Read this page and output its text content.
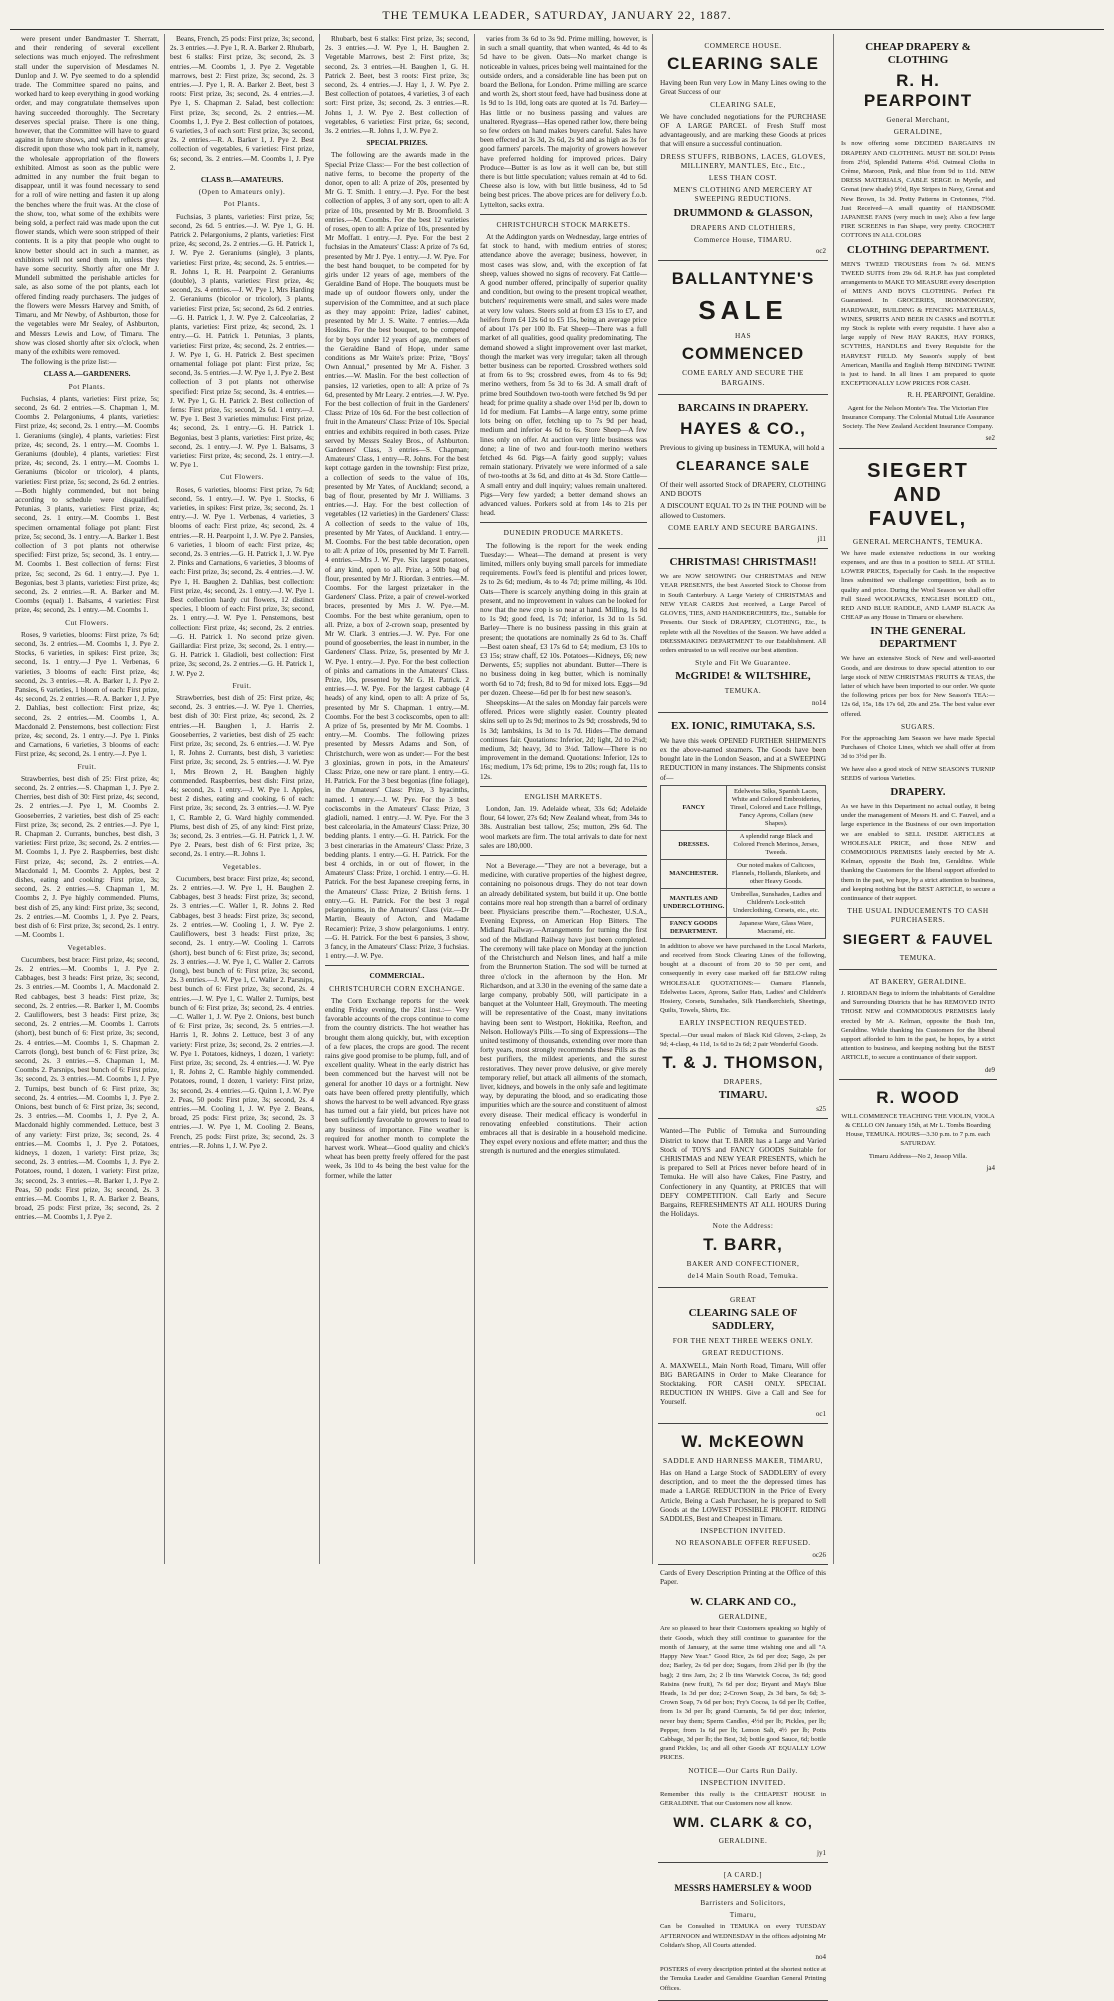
THE TEMUKA LEADER, SATURDAY, JANUARY 22, 1887.

were present under Bandmaster T. Sherratt, and their rendering of several excellent selections was much enjoyed. The refreshment stall under the supervision of Mesdames N. Dunlop and J. W. Pye seemed to do a splendid trade. The Committee spared no pains, and worked hard to keep everything in good working order, and may congratulate themselves upon having succeeded thoroughly. The Secretary deserves special praise. There is one thing, however, that the Committee will have to guard against in future shows, and which reflects great discredit upon those who took part in it, namely, the wholesale appropriation of the flowers exhibited. Almost as soon as the public were admitted in any number the fruit began to disappear, until it was found necessary to send for a roll of wire netting and fasten it up along the benches where the fruit was. At the close of the show, too, what some of the exhibits were being sold, a perfect raid was made upon the cut flower stands, which were soon stripped of their contents. It is a pity that people who ought to know better should act in such a manner, as exhibitors will not send them in, unless they have some security. Shortly after one Mr J. Mundell submitted the perishable articles for sale, as also some of the pot plants, each lot offered finding ready purchasers. The judges of the flowers were Messrs Harvey and Smith, of Timaru, and Mr Newby, of Ashburton, those for the vegetables were Mr Sealey, of Ashburton, and Messrs Lewis and Low, of Timaru. The show was closed shortly after six o'clock, when many of the exhibits were removed.

The following is the prize list:—

CLASS A.—GARDENERS.
Pot Plants.

Fuchsias, 4 plants, varieties: First prize, 5s; second, 2s 6d. 2 entries.—S. Chapman 1, M. Coombs 2. Pelargoniums, 4 plants, varieties: First prize, 4s; second, 2s. 1 entry.—M. Coombs 1. Geraniums (single), 4 plants, varieties: First prize, 4s; second, 2s. 1 entry.—M. Coombs 1. Geraniums (double), 4 plants, varieties: First prize, 4s; second, 2s. 1 entry.—M. Coombs 1. Geraniums (bicolor or tricolor), 4 plants, varieties: First prize, 5s; second, 2s 6d. 2 entries.—Both highly commended, but not being according to schedule were disqualified. Petunias, 3 plants, varieties: First prize, 4s; second, 2s. 1 entry.—M. Coombs 1. Best specimen ornamental foliage pot plant: First prize, 5s; second, 3s. 1 entry.—A. Barker 1. Best collection of 3 pot plants not otherwise specified: First prize, 5s; second, 3s. 1 entry.—M. Coombs 1. Best collection of ferns: First prize, 5s; second, 2s 6d. 1 entry.—J. Pye 1. Begonias, best 3 plants, varieties: First prize, 4s; second, 2s. 2 entries.—R. A. Barker and M. Coombs (equal) 1. Balsams, 4 varieties: First prize, 4s; second, 2s. 1 entry.—M. Coombs 1.

Cut Flowers.

Roses, 9 varieties, blooms: First prize, 7s 6d; second, 3s. 2 entries.—M. Coombs 1, J. Pye 2. Stocks, 6 varieties, in spikes: First prize, 3s; second, 1s. 1 entry.—J Pye 1. Verbenas, 6 varieties, 3 blooms of each: First prize, 4s; second, 2s. 3 entries.—R. A. Barker 1, J. Pye 2. Pansies, 6 varieties, 1 bloom of each: First prize, 4s; second, 2s. 2 entries.—R. A. Barker 1, J. Pye 2. Dahlias, best collection: First prize, 4s; second, 2s. 2 entries.—M. Coombs 1, A. Macdonald 2. Penstemons, best collection: First prize, 4s; second, 2s. 1 entry.—J. Pye 1. Pinks and Carnations, 6 varieties, 3 blooms of each: First prize, 4s; second, 2s. 1 entry.—J. Pye 1.

Fruit.

Strawberries, best dish of 25: First prize, 4s; second, 2s. 2 entries.—S. Chapman 1, J. Pye 2. Cherries, best dish of 30: First prize, 4s; second, 2s. 2 entries.—J. Pye 1, M. Coombs 2. Gooseberries, 2 varieties, best dish of 25 each: First prize, 3s; second, 2s. 2 entries.—J. Pye 1, R. Chapman 2. Currants, bunches, best dish, 3 varieties: First prize, 3s; second, 2s. 2 entries.—M. Coombs 1, J. Pye 2. Raspberries, best dish: First prize, 4s; second, 2s. 2 entries.—A. Macdonald 1, M. Coombs 2. Apples, best 2 dishes, eating and cooking: First prize, 3s; second, 2s. 2 entries.—S. Chapman 1, M. Coombs 2, J. Pye highly commended. Plums, best dish of 25, any kind: First prize, 3s; second, 2s. 2 entries.—M. Coombs 1, J. Pye 2. Pears, best dish of 6: First prize, 3s; second, 2s. 1 entry.—M. Coombs 1.

Vegetables.

Cucumbers, best brace: First prize, 4s; second, 2s. 2 entries.—M. Coombs 1, J. Pye 2. Cabbages, best 3 heads: First prize, 3s; second, 2s. 3 entries.—M. Coombs 1, A. Macdonald 2. Red cabbages, best 3 heads: First prize, 3s; second, 2s. 2 entries.—R. Barker 1, M. Coombs 2. Cauliflowers, best 3 heads: First prize, 3s; second, 2s. 2 entries.—M. Coombs 1. Carrots (short), best bunch of 6: First prize, 3s; second, 2s. 4 entries.—M. Coombs 1, S. Chapman 2. Carrots (long), best bunch of 6: First prize, 3s; second, 2s. 3 entries.—S. Chapman 1, M. Coombs 2. Parsnips, best bunch of 6: First prize, 3s; second, 2s. 3 entries.—M. Coombs 1, J. Pye 2. Turnips, best bunch of 6: First prize, 3s; second, 2s. 4 entries.—M. Coombs 1, J. Pye 2. Onions, best bunch of 6: First prize, 3s; second, 2s. 3 entries.—M. Coombs 1, J. Pye 2, A. Macdonald highly commended. Lettuce, best 3 of any variety: First prize, 3s; second, 2s. 4 entries.—M. Coombs 1, J. Pye 2. Potatoes, kidneys, 1 dozen, 1 variety: First prize, 3s; second, 2s. 3 entries.—M. Coombs 1, J. Pye 2. Potatoes, round, 1 dozen, 1 variety: First prize, 3s; second, 2s. 3 entries.—R. Barker 1, J. Pye 2. Peas, 50 pods: First prize, 3s; second, 2s. 3 entries.—M. Coombs 1, R. A. Barker 2. Beans, broad, 25 pods: First prize, 3s; second, 2s. 2 entries.—M. Coombs 1, J. Pye 2.

Beans, French, 25 pods: First prize, 3s; second, 2s. 3 entries.—J. Pye 1, R. A. Barker 2. Rhubarb, best 6 stalks: First prize, 3s; second, 2s. 3 entries.—M. Coombs 1, J. Pye 2. Vegetable marrows, best 2: First prize, 3s; second, 2s. 3 entries.—J. Pye 1, R. A. Barker 2. Beet, best 3 roots: First prize, 3s; second, 2s. 4 entries.—J. Pye 1, S. Chapman 2. Salad, best collection: First prize, 3s; second, 2s. 2 entries.—M. Coombs 1, J. Pye 2. Best collection of potatoes, 6 varieties, 3 of each sort: First prize, 3s; second, 2s. 2 entries.—R. A. Barker 1, J. Pye 2. Best collection of vegetables, 6 varieties: First prize, 6s; second, 3s. 2 entries.—M. Coombs 1, J. Pye 2.

CLASS B.—AMATEURS.
(Open to Amateurs only).
Pot Plants.

Fuchsias, 3 plants, varieties: First prize, 5s; second, 2s 6d. 5 entries.—J. W. Pye 1, G. H. Patrick 2. Pelargoniums, 2 plants, varieties: First prize, 4s; second, 2s. 2 entries.—G. H. Patrick 1, J. W. Pye 2. Geraniums (single), 3 plants, varieties: First prize, 4s; second, 2s. 5 entries.—R. Johns 1, R. H. Pearpoint 2. Geraniums (double), 3 plants, varieties: First prize, 4s; second, 2s. 4 entries.—J. W. Pye 1, Mrs Harding 2. Geraniums (bicolor or tricolor), 3 plants, varieties: First prize, 5s; second, 2s 6d. 2 entries.—G. H. Patrick 1, J. W. Pye 2. Calceolarias, 2 plants, varieties: First prize, 4s; second, 2s. 1 entry.—G. H. Patrick 1. Petunias, 3 plants, varieties: First prize, 4s; second, 2s. 2 entries.—J. W. Pye 1, G. H. Patrick 2. Best specimen ornamental foliage pot plant: First prize, 5s; second, 3s. 5 entries.—J. W. Pye 1, J. Pye 2. Best collection of 3 pot plants not otherwise specified: First prize 5s; second, 3s. 4 entries.—J. W. Pye 1, G. H. Patrick 2. Best collection of ferns: First prize, 5s; second, 2s 6d. 1 entry.—J. W. Pye 1. Best 3 varieties mimulus: First prize, 4s; second, 2s. 1 entry.—G. H. Patrick 1. Begonias, best 3 plants, varieties: First prize, 4s; second, 2s. 1 entry.—J. W. Pye 1. Balsams, 3 varieties: First prize, 4s; second, 2s. 1 entry.—J. W. Pye 1.

Cut Flowers.

Roses, 6 varieties, blooms: First prize, 7s 6d; second, 5s. 1 entry.—J. W. Pye 1. Stocks, 6 varieties, in spikes: First prize, 3s; second, 2s. 1 entry.—J. W. Pye 1. Verbenas, 4 varieties, 3 blooms of each: First prize, 4s; second, 2s. 4 entries.—R. H. Pearpoint 1, J. W. Pye 2. Pansies, 6 varieties, 1 bloom of each: First prize, 4s; second, 2s. 3 entries.—G. H. Patrick 1, J. W. Pye 2. Pinks and Carnations, 6 varieties, 3 blooms of each: First prize, 3s; second, 2s. 4 entries.—J. W. Pye 1, H. Baughen 2. Dahlias, best collection: First prize, 4s; second, 2s. 1 entry.—J. W. Pye 1. Best collection hardy cut flowers, 12 distinct species, 1 bloom of each: First prize, 3s; second, 2s. 1 entry.—J. W. Pye 1. Penstemons, best collection: First prize, 4s; second, 2s. 2 entries.—G. H. Patrick 1. No second prize given. Gaillardia: First prize, 3s; second, 2s. 1 entry.—G. H. Patrick 1. Gladioli, best collection: First prize, 3s; second, 2s. 2 entries.—G. H. Patrick 1, J. W. Pye 2.

Fruit.

Strawberries, best dish of 25: First prize, 4s; second, 2s. 3 entries.—J. W. Pye 1. Cherries, best dish of 30: First prize, 4s; second, 2s. 2 entries.—H. Baughen 1, J. Harris 2. Gooseberries, 2 varieties, best dish of 25 each: First prize, 3s; second, 2s. 6 entries.—J. W. Pye 1, R. Johns 2. Currants, best dish, 3 varieties: First prize, 3s; second, 2s. 5 entries.—J. W. Pye 1, Mrs Brown 2, H. Baughen highly commended. Raspberries, best dish: First prize, 4s; second, 2s. 1 entry.—J. W. Pye 1. Apples, best 2 dishes, eating and cooking, 6 of each: First prize, 3s; second, 2s. 3 entries.—J. W. Pye 1, C. Ramble 2, G. Ward highly commended. Plums, best dish of 25, of any kind: First prize, 3s; second, 2s. 3 entries.—G. H. Patrick 1, J. W. Pye 2. Pears, best dish of 6: First prize, 3s; second, 2s. 1 entry.—R. Johns 1.

Vegetables.

Cucumbers, best brace: First prize, 4s; second, 2s. 2 entries.—J. W. Pye 1, H. Baughen 2. Cabbages, best 3 heads: First prize, 3s; second, 2s. 3 entries.—C. Waller 1, R. Johns 2. Red Cabbages, best 3 heads: First prize, 3s; second, 2s. 2 entries.—W. Cooling 1, J. W. Pye 2. Cauliflowers, best 3 heads: First prize, 3s; second, 2s. 1 entry.—W. Cooling 1. Carrots (short), best bunch of 6: First prize, 3s; second, 2s. 3 entries.—J. W. Pye 1, C. Waller 2. Carrots (long), best bunch of 6: First prize, 3s; second, 2s. 3 entries.—J. W. Pye 1, C. Waller 2. Parsnips, best bunch of 6: First prize, 3s; second, 2s. 4 entries.—J. W. Pye 1, C. Waller 2. Turnips, best bunch of 6: First prize, 3s; second, 2s. 4 entries.—C. Waller 1, J. W. Pye 2. Onions, best bunch of 6: First prize, 3s; second, 2s. 5 entries.—J. Harris 1, R. Johns 2. Lettuce, best 3 of any variety: First prize, 3s; second, 2s. 2 entries.—J. W. Pye 1. Potatoes, kidneys, 1 dozen, 1 variety: First prize, 3s; second, 2s. 4 entries.—J. W. Pye 1, R. Johns 2, C. Ramble highly commended. Potatoes, round, 1 dozen, 1 variety: First prize, 3s; second, 2s. 4 entries.—G. Quinn 1, J. W. Pye 2. Peas, 50 pods: First prize, 3s; second, 2s. 4 entries.—M. Cooling 1, J. W. Pye 2. Beans, broad, 25 pods: First prize, 3s; second, 2s. 3 entries.—J. W. Pye 1, M. Cooling 2. Beans, French, 25 pods: First prize, 3s; second, 2s. 3 entries.—R. Johns 1, J. W. Pye 2.

Rhubarb, best 6 stalks: First prize, 3s; second, 2s. 3 entries.—J. W. Pye 1, H. Baughen 2. Vegetable Marrows, best 2: First prize, 3s; second, 2s. 3 entries.—H. Baughen 1, G. H. Patrick 2. Beet, best 3 roots: First prize, 3s; second, 2s. 4 entries.—J. Hay 1, J. W. Pye 2. Best collection of potatoes, 4 varieties, 3 of each sort: First prize, 3s; second, 2s. 3 entries.—R. Johns 1, J. W. Pye 2. Best collection of vegetables, 6 varieties: First prize, 6s; second, 3s. 2 entries.—R. Johns 1, J. W. Pye 2.

SPECIAL PRIZES.

The following are the awards made in the Special Prize Class:— For the best collection of native ferns, to become the property of the donor, open to all: A prize of 20s, presented by Mr G. T. Smith. 1 entry.—J. Pye. For the best collection of apples, 3 of any sort, open to all: A prize of 10s, presented by Mr B. Broomfield. 3 entries.—M. Coombs. For the best 12 varieties of roses, open to all: A prize of 10s, presented by Mr Moffatt. 1 entry.—J. Pye. For the best 2 fuchsias in the Amateurs' Class: A prize of 7s 6d, presented by Mr J. Pye. 1 entry.—J. W. Pye. For the best hand bouquet, to be competed for by girls under 12 years of age, members of the Geraldine Band of Hope. The bouquets must be made up of outdoor flowers only, under the supervision of the Committee, and at such place as they may appoint: Prize, ladies' cabinet, presented by Mr J. S. Waite. 7 entries.—Ada Hoskins. For the best bouquet, to be competed for by boys under 12 years of age, members of the Geraldine Band of Hope, under same conditions as Mr Waite's prize: Prize, "Boys' Own Annual," presented by Mr A. Fisher. 3 entries.—W. Maslin. For the best collection of pansies, 12 varieties, open to all: A prize of 7s 6d, presented by Mr Leary. 2 entries.—J. W. Pye. For the best collection of fruit in the Gardeners' Class: Prize of 10s 6d. For the best collection of fruit in the Amateurs' Class: Prize of 10s. Special entries and exhibits required in both cases. Prize served by Messrs Sealey Bros., of Ashburton. Gardeners' Class, 3 entries—S. Chapman; Amateurs' Class, 1 entry—R. Johns. For the best kept cottage garden in the township: First prize, a collection of seeds to the value of 10s, presented by Mr Yates, of Auckland; second, a bag of flour, presented by Mr J. Williams. 3 entries.—J. Hay. For the best collection of vegetables (12 varieties) in the Gardeners' Class: A collection of seeds to the value of 10s, presented by Mr Yates, of Auckland. 1 entry.—M. Coombs. For the best table decoration, open to all: A prize of 10s, presented by Mr T. Farrell. 4 entries.—Mrs J. W. Pye. Six largest potatoes, of any kind, open to all. Prize, a 50lb bag of flour, presented by Mr J. Riordan. 3 entries.—M. Coombs. For the largest prizetaker in the Gardeners' Class. Prize, a pair of crewel-worked braces, presented by Mrs J. W. Pye.—M. Coombs. For the best white geranium, open to all. Prize, a box of 2-crown soap, presented by Mr W. Clark. 3 entries.—J. W. Pye. For one pound of gooseberries, the least in number, in the Gardeners' Class. Prize, 5s, presented by Mr J. W. Pye. 1 entry.—J. Pye. For the best collection of pinks and carnations in the Amateurs' Class. Prize, 10s, presented by Mr G. H. Patrick. 2 entries.—J. W. Pye. For the largest cabbage (4 heads) of any kind, open to all: A prize of 5s, presented by Mr S. Chapman. 1 entry.—M. Coombs. For the best 3 cockscombs, open to all: A prize of 5s, presented by Mr M. Coombs. 1 entry.—M. Coombs. The following prizes presented by Messrs Adams and Son, of Christchurch, were won as under:— For the best 3 gloxinias, grown in pots, in the Amateurs' Class: Prize, one new or rare plant. 1 entry.—G. H. Patrick. For the 3 best begonias (fine foliage), in the Amateurs' Class: Prize, 3 hyacinths, named. 1 entry.—J. W. Pye. For the 3 best cockscombs in the Amateurs' Class: Prize, 3 gladioli, named. 1 entry.—J. W. Pye. For the 3 best calceolaria, in the Amateurs' Class: Prize, 30 bedding plants. 1 entry.—G. H. Patrick. For the 3 best cinerarias in the Amateurs' Class: Prize, 3 bedding plants. 1 entry.—G. H. Patrick. For the best 4 orchids, in or out of flower, in the Amateurs' Class: Prize, 1 orchid. 1 entry.—G. H. Patrick. For the best Japanese creeping ferns, in the Amateurs' Class: Prize, 2 British ferns. 1 entry.—G. H. Patrick. For the best 3 regal pelargoniums, in the Amateurs' Class (viz.—Dr Martin, Beauty of Acton, and Madame Recamier): Prize, 3 show pelargoniums. 1 entry.—G. H. Patrick. For the best 6 pansies, 3 show, 3 fancy, in the Amateurs' Class: Prize, 3 fuchsias. 1 entry.—J. W. Pye.

COMMERCIAL.
CHRISTCHURCH CORN EXCHANGE.

The Corn Exchange reports for the week ending Friday evening, the 21st inst.:— Very favorable accounts of the crops continue to come from the country districts. The hot weather has brought them along quickly, but, with exception of a few places, the crops are good. The recent rains give good promise to be plump, full, and of excellent quality. Wheat in the early district has been commenced but the harvest will not be general for another 10 days or a fortnight. New oats have been offered pretty plentifully, which shows the harvest to be well advanced. Rye grass has turned out a fair yield, but prices have not been sufficiently favorable to growers to lead to any business of importance. Fine weather is required for another month to complete the harvest work. Wheat—Good quality and chick's wheat has been pretty freely offered for the past week, 3s 10d to 4s being the best value for the former, while the latter

varies from 3s 6d to 3s 9d. Prime milling, however, is in such a small quantity, that when wanted, 4s 4d to 4s 5d have to be given. Oats—No market change is noticeable in values, prices being well maintained for the outside orders, and a considerable line has been put on board the Bellona, for London. Prime milling are scarce and worth 2s, short stout feed, have had business done at 1s 9d to 1s 10d, long oats are quoted at 1s 7d. Barley—Has little or no business passing and values are unaltered. Ryegrass—Has opened rather low, there being so few orders on hand makes buyers careful. Sales have been effected at 3s 3d, 2s 6d, 2s 9d and as high as 3s for good farmers' parcels. The majority of growers however have preferred holding for improved prices. Dairy Produce—Butter is as low as it well can be, but still there is but little speculation; values remain at 4d to 6d. Cheese also is low, with but little business, 4d to 5d being best prices. The above prices are for delivery f.o.b. Lyttelton, sacks extra.

CHRISTCHURCH STOCK MARKETS.

At the Addington yards on Wednesday, large entries of fat stock to hand, with medium entries of stores; attendance above the average; business, however, in most cases was slow, and, with the exception of fat sheep, values showed no signs of recovery. Fat Cattle—A good number offered, principally of superior quality and condition, but owing to the present tropical weather, butchers' requirements were small, and sales were made at very low values. Steers sold at from £3 15s to £7, and heifers from £4 12s 6d to £5 15s, being an average price of about 17s per 100 lb. Fat Sheep—There was a full market of all qualities, good quality predominating. The demand showed a slight improvement over last market, though the market was very irregular; taken all through better business can be reported. Crossbred wethers sold at from 6s to 9s; crossbred ewes, from 4s to 6s 9d; merino wethers, from 5s 3d to 6s 3d. A small draft of prime bred Southdown two-tooth were fetched 9s 9d per head; for prime quality a shade over 1½d per lb, down to 1d for medium. Fat Lambs—A large entry, some prime lots being on offer, fetching up to 7s 9d per head, medium and inferior 4s 6d to 6s. Store Sheep—A few lines only on offer. At auction very little business was done; a line of two and four-tooth merino wethers fetched 4s 6d. Pigs—A fairly good supply; values remain stationary. Privately we were informed of a sale of two-tooths at 3s 6d, and ditto at 4s 3d. Store Cattle—A small entry and dull inquiry; values remain unaltered. Pigs—Very few yarded; a better demand shows an advanced values. Porkers sold at from 14s to 21s per head.

DUNEDIN PRODUCE MARKETS.

The following is the report for the week ending Tuesday:— Wheat—The demand at present is very limited, millers only buying small parcels for immediate requirements. Fowl's feed is plentiful and prices lower, 2s to 2s 6d; medium, 4s to 4s 7d; prime milling, 4s 10d. Oats—There is scarcely anything doing in this grain at present, and no improvement in values can be looked for now that the new crop is so near at hand. Milling, 1s 8d to 1s 9d; good feed, 1s 7d; inferior, 1s 3d to 1s 5d. Barley—There is no business passing in this grain at present; the quotations are nominally 2s 6d to 3s. Chaff—Best oaten sheaf, £3 17s 6d to £4; medium, £3 10s to £3 15s; straw chaff, £2 10s. Potatoes—Kidneys, £6; new Derwents, £5; supplies not abundant. Butter—There is no business doing in keg butter, which is nominally worth 6d to 7d; fresh, 8d to 9d for mixed lots. Eggs—9d per dozen. Cheese—6d per lb for best new season's.

Sheepskins—At the sales on Monday fair parcels were offered. Prices were slightly easier. Country pleated skins sell up to 2s 9d; merinos to 2s 9d; crossbreds, 9d to 1s 3d; lambskins, 1s 3d to 1s 7d. Hides—The demand continues fair. Quotations: Inferior, 2d; light, 2d to 2¼d; medium, 3d; heavy, 3d to 3¼d. Tallow—There is no improvement in the demand. Quotations: Inferior, 12s to 16s; medium, 17s 6d; prime, 19s to 20s; rough fat, 11s to 12s.

ENGLISH MARKETS.

London, Jan. 19. Adelaide wheat, 33s 6d; Adelaide flour, 64 lower, 27s 6d; New Zealand wheat, from 34s to 38s. Australian best tallow, 25s; mutton, 29s 6d. The wool markets are firm. The total arrivals to date for next sales are 180,000.

Not a Beverage.—"They are not a beverage, but a medicine, with curative properties of the highest degree, containing no poisonous drugs. They do not tear down an already debilitated system, but build it up. One bottle contains more real hop strength than a barrel of ordinary beer. Physicians prescribe them."—Rochester, U.S.A., Evening Express, on American Hop Bitters. The Midland Railway.—Arrangements for turning the first sod of the Midland Railway have just been completed. The ceremony will take place on Monday at the junction of the Christchurch and Nelson lines, and half a mile from the Brunnerton Station. The sod will be turned at three o'clock in the afternoon by the Hon. Mr Richardson, and at 3.30 in the evening of the same date a large company, probably 500, will participate in a banquet at the Volunteer Hall, Greymouth. The meeting will be representative of the Coast, many invitations having been sent to Westport, Hokitika, Reefton, and Nelson. Holloway's Pills.—To sing of Expressions—The united testimony of thousands, extending over more than forty years, most strongly recommends these Pills as the best purifiers, the mildest aperients, and the surest restoratives. They never prove delusive, or give merely temporary relief, but attack all ailments of the stomach, liver, kidneys, and bowels in the only safe and legitimate way, by depurating the blood, and so eradicating those impurities which are the source and constituent of almost every disease. Their medical efficacy is wonderful in renovating enfeebled constitutions. Their action embraces all that is desirable in a household medicine. They expel every noxious and effete matter; and thus the strength is nurtured and the energies stimulated.

COMMERCE HOUSE.
CLEARING SALE
Having been Run very Low in Many Lines owing to the Great Success of our
CLEARING SALE,
We have concluded negotiations for the PURCHASE OF A LARGE PARCEL of Fresh Stuff most advantageously, and are marking these Goods at prices that will ensure a successful continuation.
DRESS STUFFS, RIBBONS, LACES, GLOVES, MILLINERY, MANTLES, Etc., Etc.,
LESS THAN COST.
MEN'S CLOTHING AND MERCERY AT SWEEPING REDUCTIONS.
DRUMMOND & GLASSON,
DRAPERS AND CLOTHIERS,
Commerce House, TIMARU.
oc2
BALLANTYNE'S
SALE
HAS
COMMENCED
COME EARLY AND SECURE THE BARGAINS.
BARCAINS IN DRAPERY.
HAYES & CO.,
Previous to giving up business in TEMUKA, will hold a
CLEARANCE SALE
Of their well assorted Stock of DRAPERY, CLOTHING AND BOOTS
A DISCOUNT EQUAL TO 2s IN THE POUND will be allowed to Customers.
COME EARLY AND SECURE BARGAINS.
j11
CHRISTMAS! CHRISTMAS!!
We are NOW SHOWING Our CHRISTMAS and NEW YEAR PRESENTS, the best Assorted Stock to Choose from in South Canterbury. A Large Variety of CHRISTMAS and NEW YEAR CARDS Just received, a Large Parcel of GLOVES, TIES, AND HANDKERCHIEFS, Etc., Suitable for Presents. Our Stock of DRAPERY, CLOTHING, Etc., Is replete with all the Novelties of the Season. We have added a DRESSMAKING DEPARTMENT To our Establishment. All orders entrusted to us will receive our best attention.
Style and Fit We Guarantee.
McGRIDE! & WILTSHIRE,
TEMUKA.
no14
EX. IONIC, RIMUTAKA, S.S.
We have this week OPENED FURTHER SHIPMENTS ex the above-named steamers. The Goods have been bought late in the London Season, and at a SWEEPING REDUCTION in many instances. The Shipments consist of—
FANCY	Edelweiss Silks, Spanish Laces, White and Colored Embroideries, Tinsel, Colored and Lace Frillings, Fancy Aprons, Collars (new Shapes).
DRESSES.	A splendid range Black and Colored French Merinos, Jerses, Tweeds.
MANCHESTER.	Our noted makes of Calicoes, Flannels, Hollands, Blankets, and other Heavy Goods.
MANTLES AND UNDERCLOTHING.	Umbrellas, Sunshades, Ladies and Children's Lock-stitch Underclothing, Corsets, etc., etc.
FANCY GOODS DEPARTMENT.	Japanese Ware, Glass Ware, Macramé, etc.
In addition to above we have purchased in the Local Markets, and received from Stock Clearing Lines of the following, bought at a discount of from 20 to 50 per cent, and consequently in every case marked off far BELOW ruling WHOLESALE QUOTATIONS:— Oamaru Flannels, Edelweiss Laces, Aprons, Sailor Hats, Ladies' and Children's Hosiery, Corsets, Sunshades, Silk Handkerchiefs, Sheetings, Quilts, Towels, Shirts, Etc.
EARLY INSPECTION REQUESTED.
Special.—Our usual makes of Black Kid Gloves, 2-clasp, 2s 9d; 4-clasp, 4s 11d, 1s 6d to 2s 6d; 2 pair Wonderful Goods.
T. & J. THOMSON,
DRAPERS,
TIMARU.
s25
Wanted—The Public of Temuka and Surrounding District to know that T. BARR has a Large and Varied Stock of TOYS and FANCY GOODS Suitable for CHRISTMAS and NEW YEAR PRESENTS, which he is prepared to Sell at Prices never before heard of in Temuka. He will also have Cakes, Fine Pastry, and Confectionery in any Quantity, at PRICES that will DEFY COMPETITION. Call Early and Secure Bargains, REFRESHMENTS AT ALL HOURS During the Holidays.
Note the Address:
T. BARR,
BAKER AND CONFECTIONER,
de14 Main South Road, Temuka.
GREAT
CLEARING SALE OF SADDLERY,
FOR THE NEXT THREE WEEKS ONLY.
GREAT REDUCTIONS.
A. MAXWELL, Main North Road, Timaru, Will offer BIG BARGAINS in Order to Make Clearance for Stocktaking. FOR CASH ONLY. SPECIAL REDUCTION IN WHIPS. Give a Call and See for Yourself.
oc1
W. McKEOWN
SADDLE AND HARNESS MAKER, TIMARU,
Has on Hand a Large Stock of SADDLERY of every description, and to meet the the depressed times has made a LARGE REDUCTION in the Price of Every Article, Being a Cash Purchaser, he is prepared to Sell Goods at the LOWEST POSSIBLE PROFIT. RIDING SADDLES, Best and Cheapest in Timaru.
INSPECTION INVITED.
NO REASONABLE OFFER REFUSED.
oc26
Cards of Every Description Printing at the Office of this Paper.
W. CLARK AND CO.,
GERALDINE,
Are so pleased to hear their Customers speaking so highly of their Goods, which they still continue to guarantee for the month of January, at the same time wishing one and all "A Happy New Year." Good Rice, 2s 6d per doz; Sago, 2s per doz; Barley, 2s 6d per doz; Sugars, from 2¾d per lb (by the bag); 2 tins Jam, 2s; 2 lb tins Warwick Cocoa, 3s 6d; good Raisins (new fruit), 7s 6d per doz; Bryant and May's Blue Heads, 1s 3d per doz; 2-Crown Soap, 2s 3d bars, 5s 6d; 3-Crown Soap, 7s 6d per box; Fry's Cocoa, 1s 6d per lb; Coffee, from 1s 3d per lb; grand Currants, 5s 6d per doz; inferior, never buy them; Sperm Candles, 4½d per lb; Pickles, per lb; Pepper, from 1s 6d per lb; Lemon Salt, 4½ per lb; Potts Cabbage, 3d per lb; the Best, 3d; bottle good Sauce, 6d; bottle grand Pickles, 1s; and all other Goods AT EQUALLY LOW PRICES.
NOTICE—Our Carts Run Daily.
INSPECTION INVITED.
Remember this really is the CHEAPEST HOUSE in GERALDINE. That our Customers now all know.
WM. CLARK & CO,
GERALDINE.
jy1
[A CARD.]
MESSRS HAMERSLEY & WOOD
Barristers and Solicitors,
Timaru,
Can be Consulted in TEMUKA on every TUESDAY AFTERNOON and WEDNESDAY in the offices adjoining Mr Coltdan's Shop, All Courts attended.
no4
POSTERS of every description printed at the shortest notice at the Temuka Leader and Geraldine Guardian General Printing Offices.
CHEAP DRAPERY & CLOTHING
R. H. PEARPOINT
General Merchant,
GERALDINE,
Is now offering some DECIDED BARGAINS IN DRAPERY AND CLOTHING. MUST BE SOLD! Prints from 2½d, Splendid Patterns 4½d. Oatmeal Cloths in Crème, Maroon, Pink, and Blue from 9d to 11d. NEW DRESS MATERIALS, CABLE SERGE in Myrtle, and Grenat (new shade) 9½d, Rye Stripes in Navy, Grenat and New Brown, 1s 3d. Pretty Patterns in Cretonnes, 7½d. Just Received—A small quantity of HANDSOME JAPANESE FANS (very much in use); Also a few large FIRE SCREENS in Fan Shape, very pretty. CROCHET COTTONS IN ALL COLORS
CLOTHING DEPARTMENT.
MEN'S TWEED TROUSERS from 7s 6d. MEN'S TWEED SUITS from 29s 6d. R.H.P. has just completed arrangements to MAKE TO MEASURE every description of MEN'S AND BOYS CLOTHING. Perfect Fit Guaranteed. In GROCERIES, IRONMONGERY, HARDWARE, BUILDING & FENCING MATERIALS, WINES, SPIRITS AND BEER IN CASKS and BOTTLE my Stock is replete with every requisite. I have also a large supply of New HAY RAKES, HAY FORKS, SCYTHES, HANDLES and Every Requisite for the HARVEST FIELD. My Season's supply of best American, Manilla and English Hemp BINDING TWINE is just to hand. In all lines I am prepared to quote EXCEPTIONALLY LOW PRICES FOR CASH.
R. H. PEARPOINT, Geraldine.
Agent for the Nelson Monte's Tea. The Victorian Fire Insurance Company. The Colonial Mutual Life Assurance Society. The New Zealand Accident Insurance Company.
se2
SIEGERT AND FAUVEL,
GENERAL MERCHANTS, TEMUKA.
We have made extensive reductions in our working expenses, and are thus in a position to SELL AT STILL LOWER PRICES, Especially for Cash. In the respective lines submitted we challenge competition, both as to quality and price. During the Wool Season we shall offer Full Sized WOOLPACKS, ENGLISH BOILED OIL, RED AND BLUE RADDLE, AND LAMP BLACK As CHEAP as any House in Timaru or elsewhere.
IN THE GENERAL DEPARTMENT
We have an extensive Stock of New and well-assorted Goods, and are desirous to draw special attention to our large stock of NEW CHRISTMAS FRUITS & TEAS, the latter of which have been imported to our order. We quote the following prices per box for New Season's TEA:— 12s 6d, 15s, 18s 17s 6d, 20s and 25s. The best value ever offered.
SUGARS.
For the approaching Jam Season we have made Special Purchases of Choice Lines, which we shall offer at from 3d to 3½d per lb.
We have also a good stock of NEW SEASON'S TURNIP SEEDS of various Varieties.
DRAPERY.
As we have in this Department no actual outlay, it being under the management of Messrs H. and C. Fauvel, and a large experience in the Business of our own importation we are enabled to SELL INSIDE ARTICLES at WHOLESALE PRICE, and those NEW and COMMODIOUS PREMISES lately erected by Mr A. Kelman, opposite the Bush Inn, Geraldine. While thanking the Customers for the liberal support afforded to them in the past, we hope, by a strict attention to business, and keeping nothing but the BEST ARTICLE, to secure a continuance of their support.
THE USUAL INDUCEMENTS TO CASH PURCHASERS.
SIEGERT & FAUVEL
TEMUKA.
AT BAKERY, GERALDINE.
J. RIORDAN Begs to inform the inhabitants of Geraldine and Surrounding Districts that he has REMOVED INTO THOSE NEW and COMMODIOUS PREMISES lately erected by Mr A. Kelman, opposite the Bush Inn, Geraldine. While thanking his Customers for the liberal support afforded to him in the past, he hopes, by a strict attention to business, and keeping nothing but the BEST ARTICLE, to secure a continuance of their support.
de9
R. WOOD
WILL COMMENCE TEACHING THE VIOLIN, VIOLA & CELLO ON January 15th, at Mr L. Tombs Boarding House, TEMUKA. HOURS—3.30 p.m. to 7 p.m. each SATURDAY.
Timaru Address—No 2, Jessop Villa.
ja4
